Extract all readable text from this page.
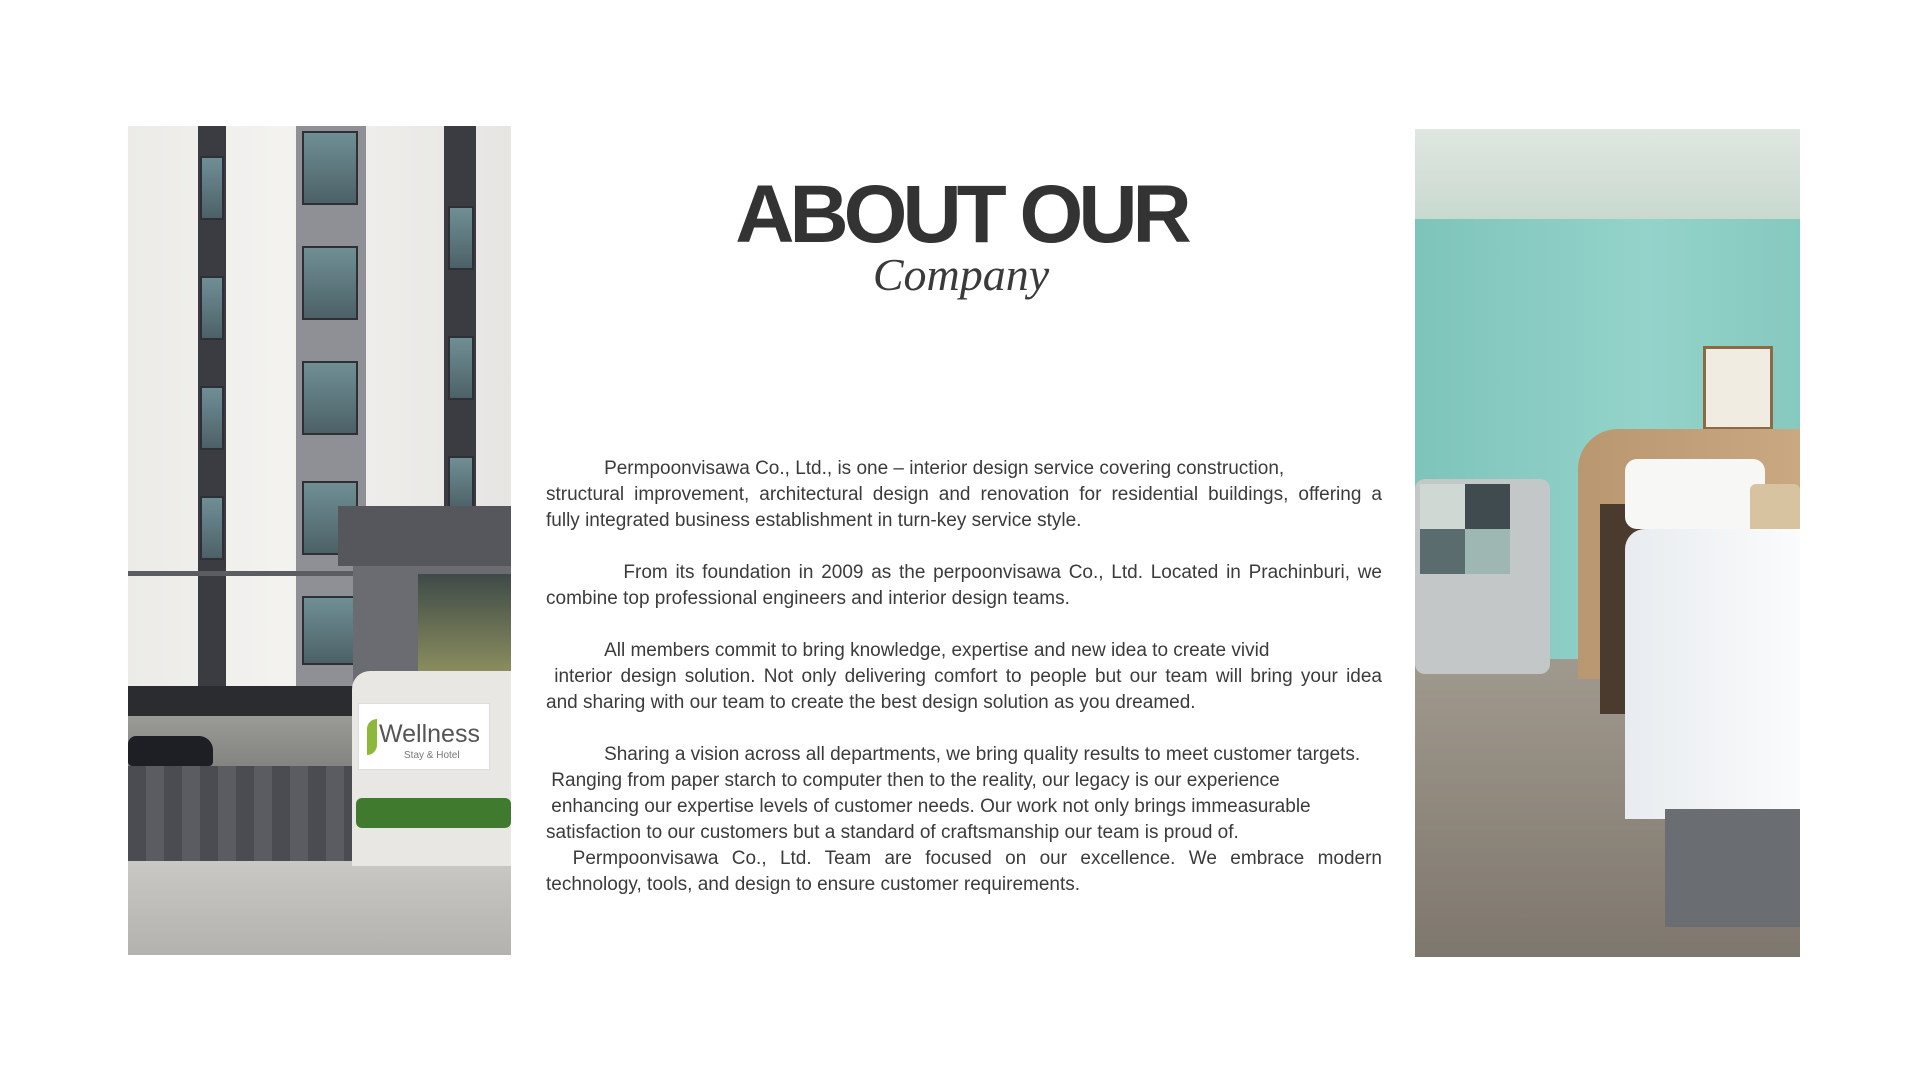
Wellness
Stay & Hotel
ABOUT OUR
Company
Permpoonvisawa Co., Ltd., is one – interior design service covering construction,
structural improvement, architectural design and renovation for residential buildings, offering a
fully integrated business establishment in turn-key service style.
From its foundation in 2009 as the perpoonvisawa Co., Ltd. Located in Prachinburi, we
combine top professional engineers and interior design teams.
All members commit to bring knowledge, expertise and new idea to create vivid
interior design solution. Not only delivering comfort to people but our team will bring your idea
and sharing with our team to create the best design solution as you dreamed.
Sharing a vision across all departments, we bring quality results to meet customer targets.
Ranging from paper starch to computer then to the reality, our legacy is our experience
enhancing our expertise levels of customer needs. Our work not only brings immeasurable
satisfaction to our customers but a standard of craftsmanship our team is proud of.
Permpoonvisawa Co., Ltd. Team are focused on our excellence. We embrace modern
technology, tools, and design to ensure customer requirements.
